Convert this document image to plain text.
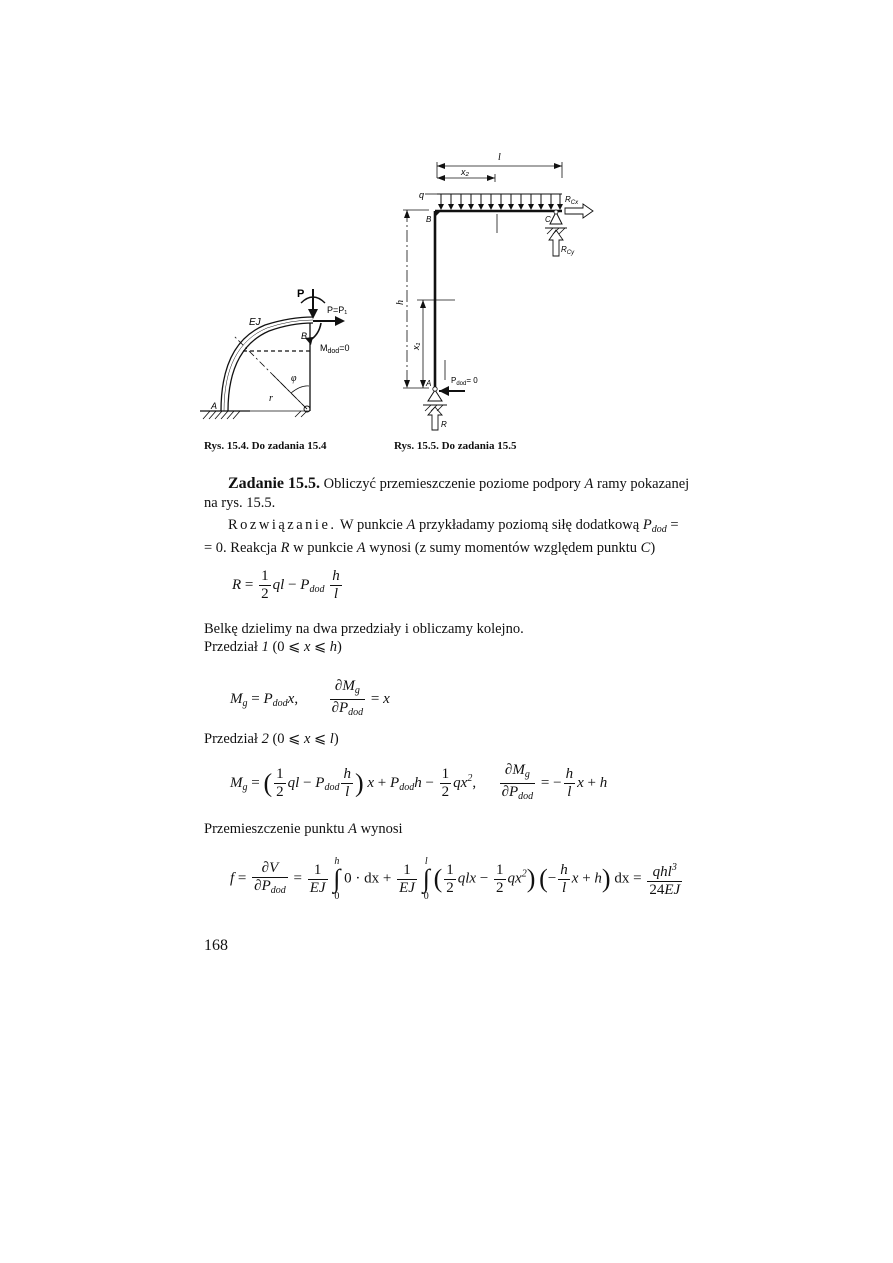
P
P=P₁
EJ
B
$M_{dod}=0$
φ
r
A
Rys. 15.4. Do zadania 15.4
l
x₂
q	$R_{Cx}$
B	C
$R_{Cy}$
h
x₁
A $P_{dod}= 0$
R
Rys. 15.5. Do zadania 15.5
Zadanie 15.5. Obliczyć przemieszczenie poziome podpory A ramy pokazanej
na rys. 15.5.
Rozwiązanie. W punkcie A przykładamy poziomą siłę dodatkową $P_{dod}$ =
= 0. Reakcja R w punkcie A wynosi (z sumy momentów względem punktu C)
$R = \frac{1}{2}$ ql − $P_{dod} \frac{h}{l}$
Belkę dzielimy na dwa przedziały i obliczamy kolejno.
Przedział 1 (0 ⩽ x ⩽ h)
$M_g = P_{dod}x$, $\frac{\partial M_g}{\partial P_{dod}} = x$
Przedział 2 (0 ⩽ x ⩽ l)
$M_g$ = ( $\frac{1}{2}$ ql − $P_{dod} \frac{h}{l}$ ) $x + P_{dod}h - \frac{1}{2} qx^2$, $\frac{\partial M_g}{\partial P_{dod}}$ = − $\frac{h}{l}$ x + h
Przemieszczenie punktu A wynosi
$f = \frac{\partial V}{\partial P_{dod}} = \frac{1}{EJ}$
h
∫
0
0 · dx + $\frac{1}{EJ}$
l
∫
0
( $\frac{1}{2}$ qlx − $\frac{1}{2} qx^2$) (− $\frac{h}{l}$ x + h) dx = $\frac{qhl^3}{24EJ}$
168
